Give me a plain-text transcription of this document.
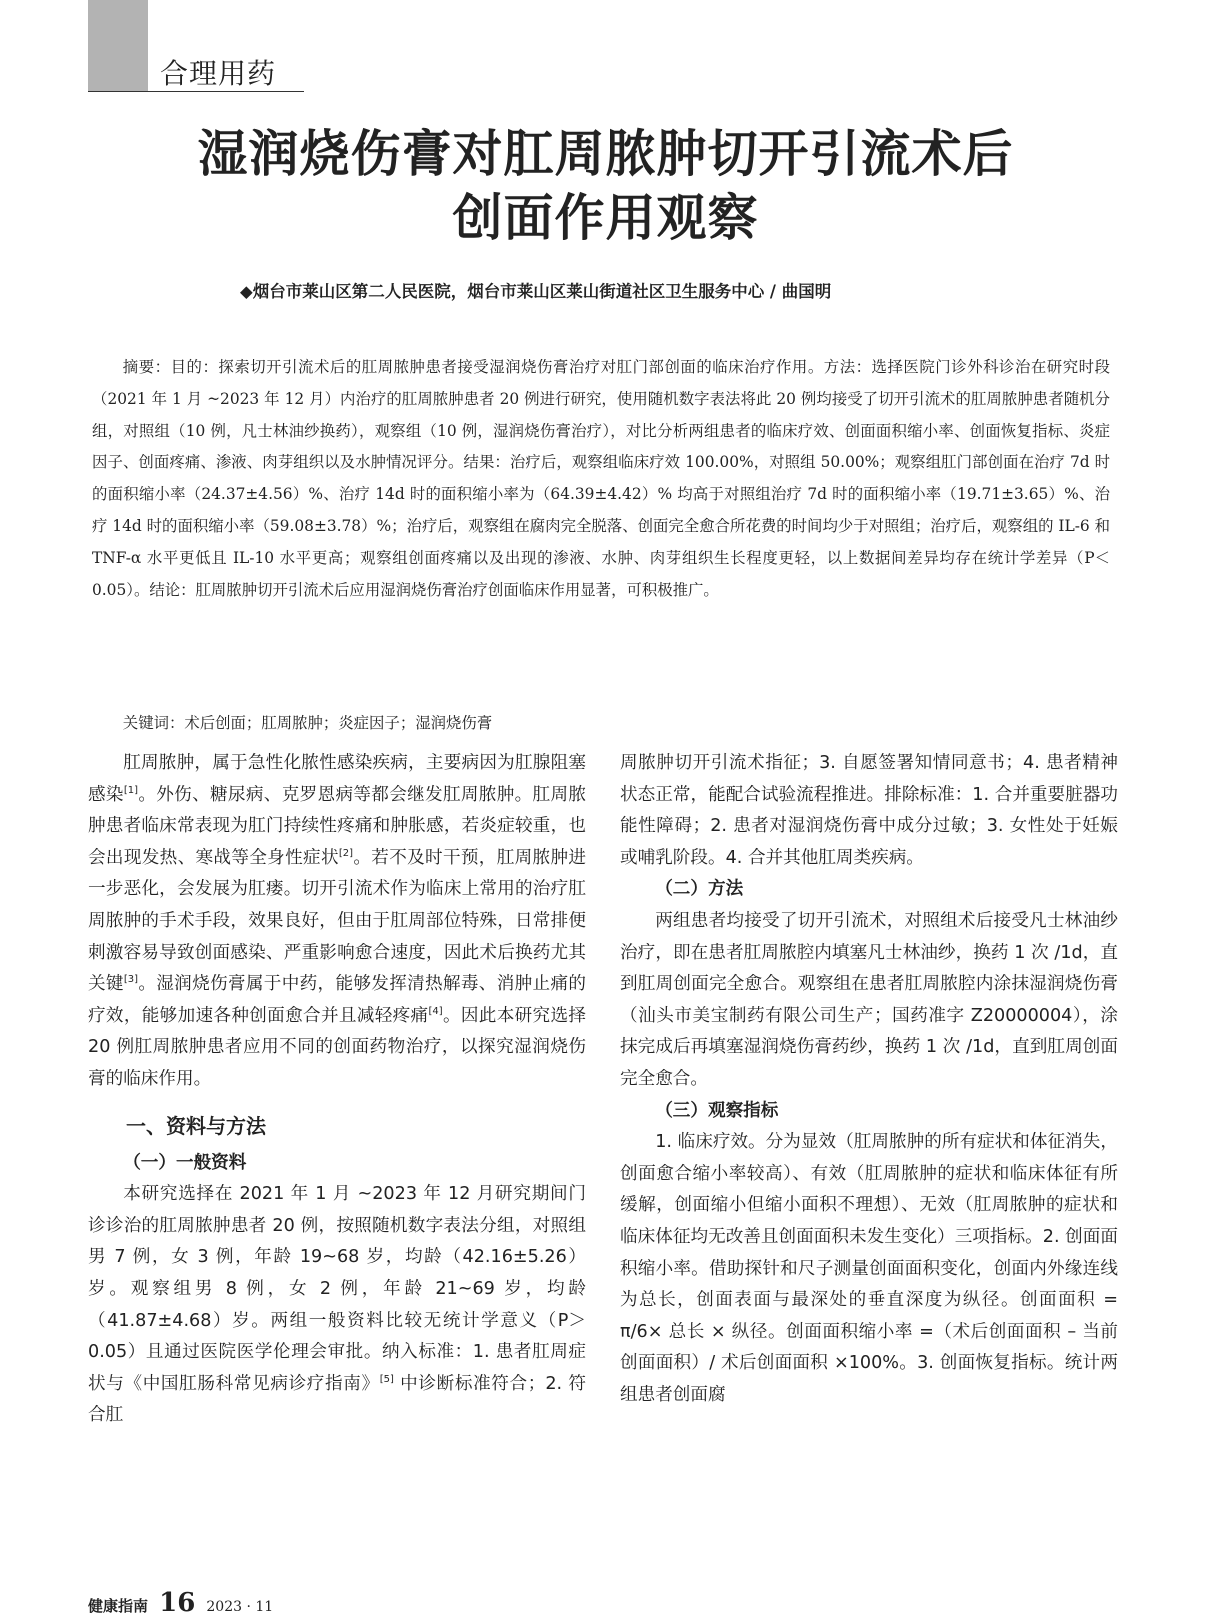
合理用药
湿润烧伤膏对肛周脓肿切开引流术后
创面作用观察
◆烟台市莱山区第二人民医院，烟台市莱山区莱山街道社区卫生服务中心 / 曲国明

摘要：目的：探索切开引流术后的肛周脓肿患者接受湿润烧伤膏治疗对肛门部创面的临床治疗作用。方法：选择医院门诊外科诊治在研究时段（2021 年 1 月 ~2023 年 12 月）内治疗的肛周脓肿患者 20 例进行研究，使用随机数字表法将此 20 例均接受了切开引流术的肛周脓肿患者随机分组，对照组（10 例，凡士林油纱换药），观察组（10 例，湿润烧伤膏治疗），对比分析两组患者的临床疗效、创面面积缩小率、创面恢复指标、炎症因子、创面疼痛、渗液、肉芽组织以及水肿情况评分。结果：治疗后，观察组临床疗效 100.00%，对照组 50.00%；观察组肛门部创面在治疗 7d 时的面积缩小率（24.37±4.56）%、治疗 14d 时的面积缩小率为（64.39±4.42）% 均高于对照组治疗 7d 时的面积缩小率（19.71±3.65）%、治疗 14d 时的面积缩小率（59.08±3.78）%；治疗后，观察组在腐肉完全脱落、创面完全愈合所花费的时间均少于对照组；治疗后，观察组的 IL-6 和 TNF-α 水平更低且 IL-10 水平更高；观察组创面疼痛以及出现的渗液、水肿、肉芽组织生长程度更轻，以上数据间差异均存在统计学差异（P＜0.05）。结论：肛周脓肿切开引流术后应用湿润烧伤膏治疗创面临床作用显著，可积极推广。

关键词：术后创面；肛周脓肿；炎症因子；湿润烧伤膏

肛周脓肿，属于急性化脓性感染疾病，主要病因为肛腺阻塞感染[1]。外伤、糖尿病、克罗恩病等都会继发肛周脓肿。肛周脓肿患者临床常表现为肛门持续性疼痛和肿胀感，若炎症较重，也会出现发热、寒战等全身性症状[2]。若不及时干预，肛周脓肿进一步恶化，会发展为肛瘘。切开引流术作为临床上常用的治疗肛周脓肿的手术手段，效果良好，但由于肛周部位特殊，日常排便刺激容易导致创面感染、严重影响愈合速度，因此术后换药尤其关键[3]。湿润烧伤膏属于中药，能够发挥清热解毒、消肿止痛的疗效，能够加速各种创面愈合并且减轻疼痛[4]。因此本研究选择 20 例肛周脓肿患者应用不同的创面药物治疗，以探究湿润烧伤膏的临床作用。

一、资料与方法

（一）一般资料

本研究选择在 2021 年 1 月 ~2023 年 12 月研究期间门诊诊治的肛周脓肿患者 20 例，按照随机数字表法分组，对照组男 7 例，女 3 例，年龄 19~68 岁，均龄（42.16±5.26）岁。观察组男 8 例，女 2 例，年龄 21~69 岁，均龄（41.87±4.68）岁。两组一般资料比较无统计学意义（P＞0.05）且通过医院医学伦理会审批。纳入标准：1. 患者肛周症状与《中国肛肠科常见病诊疗指南》[5] 中诊断标准符合；2. 符合肛

周脓肿切开引流术指征；3. 自愿签署知情同意书；4. 患者精神状态正常，能配合试验流程推进。排除标准：1. 合并重要脏器功能性障碍；2. 患者对湿润烧伤膏中成分过敏；3. 女性处于妊娠或哺乳阶段。4. 合并其他肛周类疾病。

（二）方法

两组患者均接受了切开引流术，对照组术后接受凡士林油纱治疗，即在患者肛周脓腔内填塞凡士林油纱，换药 1 次 /1d，直到肛周创面完全愈合。观察组在患者肛周脓腔内涂抹湿润烧伤膏（汕头市美宝制药有限公司生产；国药准字 Z20000004），涂抹完成后再填塞湿润烧伤膏药纱，换药 1 次 /1d，直到肛周创面完全愈合。

（三）观察指标

1. 临床疗效。分为显效（肛周脓肿的所有症状和体征消失，创面愈合缩小率较高）、有效（肛周脓肿的症状和临床体征有所缓解，创面缩小但缩小面积不理想）、无效（肛周脓肿的症状和临床体征均无改善且创面面积未发生变化）三项指标。2. 创面面积缩小率。借助探针和尺子测量创面面积变化，创面内外缘连线为总长，创面表面与最深处的垂直深度为纵径。创面面积 = π/6× 总长 × 纵径。创面面积缩小率 =（术后创面面积 – 当前创面面积）/ 术后创面面积 ×100%。3. 创面恢复指标。统计两组患者创面腐

健康指南 16 2023 · 11
